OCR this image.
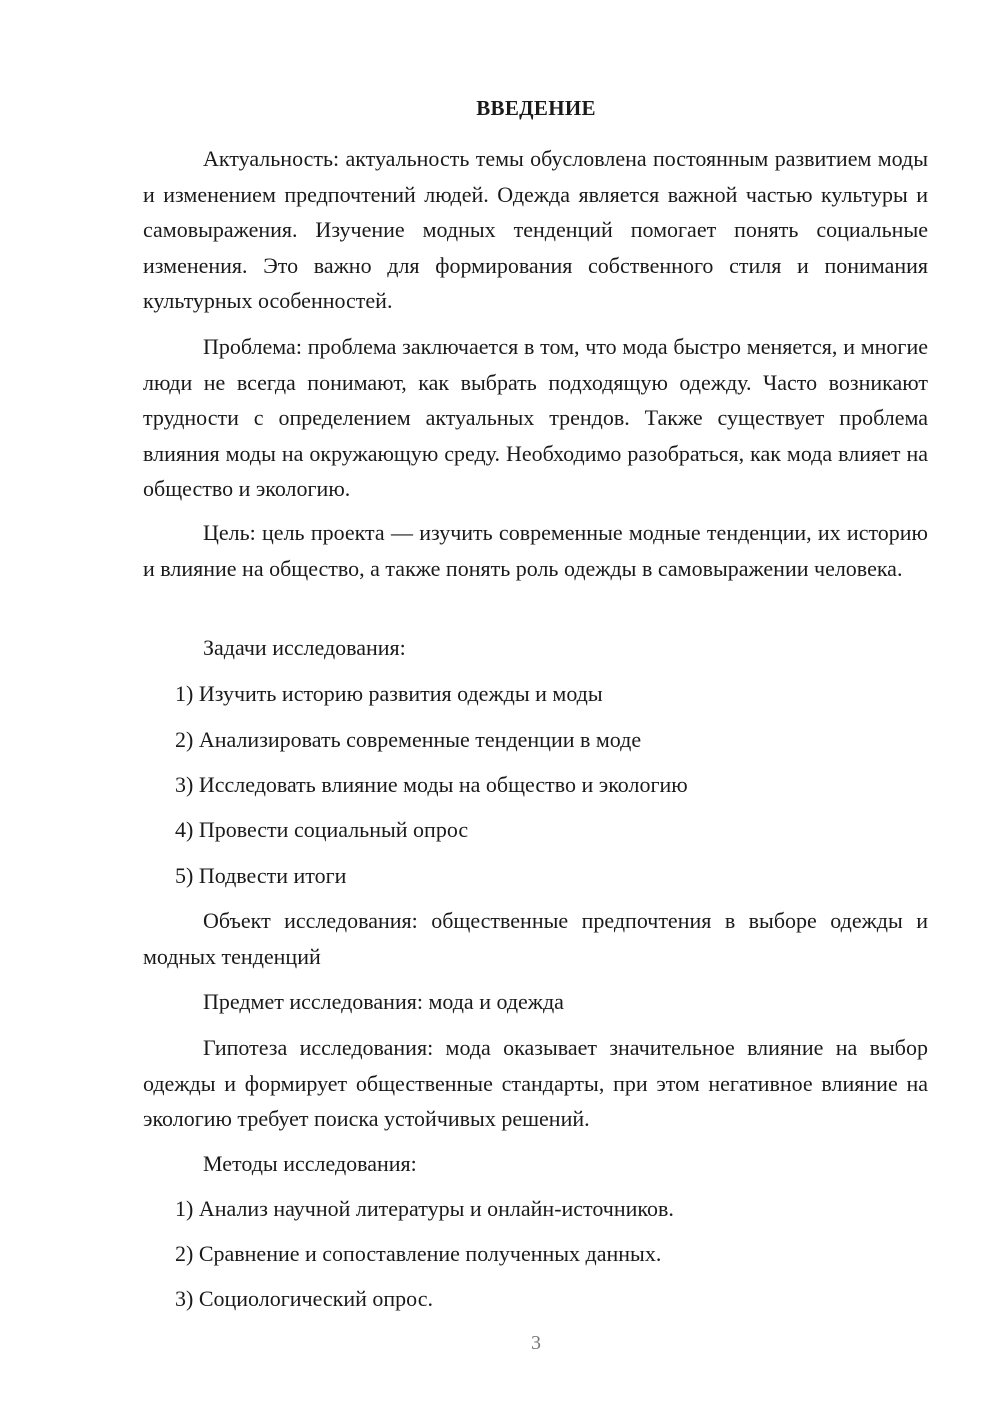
ВВЕДЕНИЕ

Актуальность: актуальность темы обусловлена постоянным развитием моды и изменением предпочтений людей. Одежда является важной частью культуры и самовыражения. Изучение модных тенденций помогает понять социальные изменения. Это важно для формирования собственного стиля и понимания культурных особенностей.

Проблема: проблема заключается в том, что мода быстро меняется, и многие люди не всегда понимают, как выбрать подходящую одежду. Часто возникают трудности с определением актуальных трендов. Также существует проблема влияния моды на окружающую среду. Необходимо разобраться, как мода влияет на общество и экологию.

Цель: цель проекта — изучить современные модные тенденции, их историю и влияние на общество, а также понять роль одежды в самовыражении человека.

Задачи исследования:

1) Изучить историю развития одежды и моды

2) Анализировать современные тенденции в моде

3) Исследовать влияние моды на общество и экологию

4) Провести социальный опрос

5) Подвести итоги

Объект исследования: общественные предпочтения в выборе одежды и модных тенденций

Предмет исследования: мода и одежда

Гипотеза исследования: мода оказывает значительное влияние на выбор одежды и формирует общественные стандарты, при этом негативное влияние на экологию требует поиска устойчивых решений.

Методы исследования:

1) Анализ научной литературы и онлайн-источников.

2) Сравнение и сопоставление полученных данных.

3) Социологический опрос.

3
